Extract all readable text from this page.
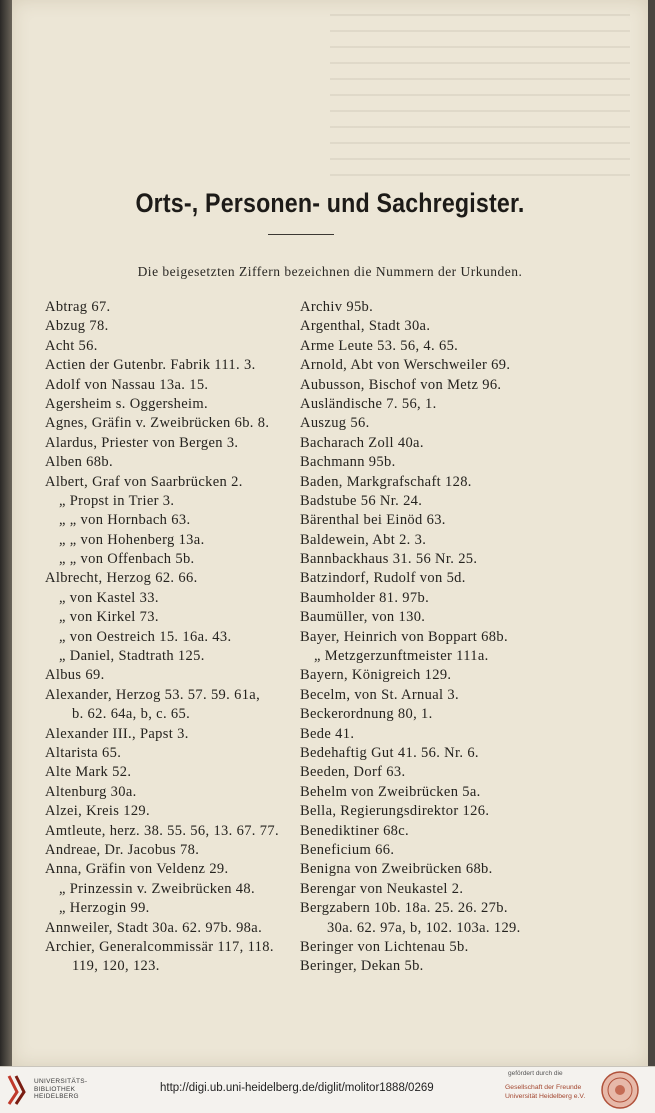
Orts-, Personen- und Sachregister.
Die beigesetzten Ziffern bezeichnen die Nummern der Urkunden.
Abtrag 67.
Abzug 78.
Acht 56.
Actien der Gutenbr. Fabrik 111. 3.
Adolf von Nassau 13a. 15.
Agersheim s. Oggersheim.
Agnes, Gräfin v. Zweibrücken 6b. 8.
Alardus, Priester von Bergen 3.
Alben 68b.
Albert, Graf von Saarbrücken 2.
„ Propst in Trier 3.
„ „ von Hornbach 63.
„ „ von Hohenberg 13a.
„ „ von Offenbach 5b.
Albrecht, Herzog 62. 66.
„ von Kastel 33.
„ von Kirkel 73.
„ von Oestreich 15. 16a. 43.
„ Daniel, Stadtrath 125.
Albus 69.
Alexander, Herzog 53. 57. 59. 61a,
b. 62. 64a, b, c. 65.
Alexander III., Papst 3.
Altarista 65.
Alte Mark 52.
Altenburg 30a.
Alzei, Kreis 129.
Amtleute, herz. 38. 55. 56, 13. 67. 77.
Andreae, Dr. Jacobus 78.
Anna, Gräfin von Veldenz 29.
„ Prinzessin v. Zweibrücken 48.
„ Herzogin 99.
Annweiler, Stadt 30a. 62. 97b. 98a.
Archier, Generalcommissär 117, 118.
119, 120, 123.
Archiv 95b.
Argenthal, Stadt 30a.
Arme Leute 53. 56, 4. 65.
Arnold, Abt von Werschweiler 69.
Aubusson, Bischof von Metz 96.
Ausländische 7. 56, 1.
Auszug 56.
Bacharach Zoll 40a.
Bachmann 95b.
Baden, Markgrafschaft 128.
Badstube 56 Nr. 24.
Bärenthal bei Einöd 63.
Baldewein, Abt 2. 3.
Bannbackhaus 31. 56 Nr. 25.
Batzindorf, Rudolf von 5d.
Baumholder 81. 97b.
Baumüller, von 130.
Bayer, Heinrich von Boppart 68b.
„ Metzgerzunftmeister 111a.
Bayern, Königreich 129.
Becelm, von St. Arnual 3.
Beckerordnung 80, 1.
Bede 41.
Bedehaftig Gut 41. 56. Nr. 6.
Beeden, Dorf 63.
Behelm von Zweibrücken 5a.
Bella, Regierungsdirektor 126.
Benediktiner 68c.
Beneficium 66.
Benigna von Zweibrücken 68b.
Berengar von Neukastel 2.
Bergzabern 10b. 18a. 25. 26. 27b.
30a. 62. 97a, b, 102. 103a. 129.
Beringer von Lichtenau 5b.
Beringer, Dekan 5b.
UNIVERSITÄTS-
BIBLIOTHEK
HEIDELBERG
http://digi.ub.uni-heidelberg.de/diglit/molitor1888/0269
gefördert durch die
Gesellschaft der Freunde
Universität Heidelberg e.V.
